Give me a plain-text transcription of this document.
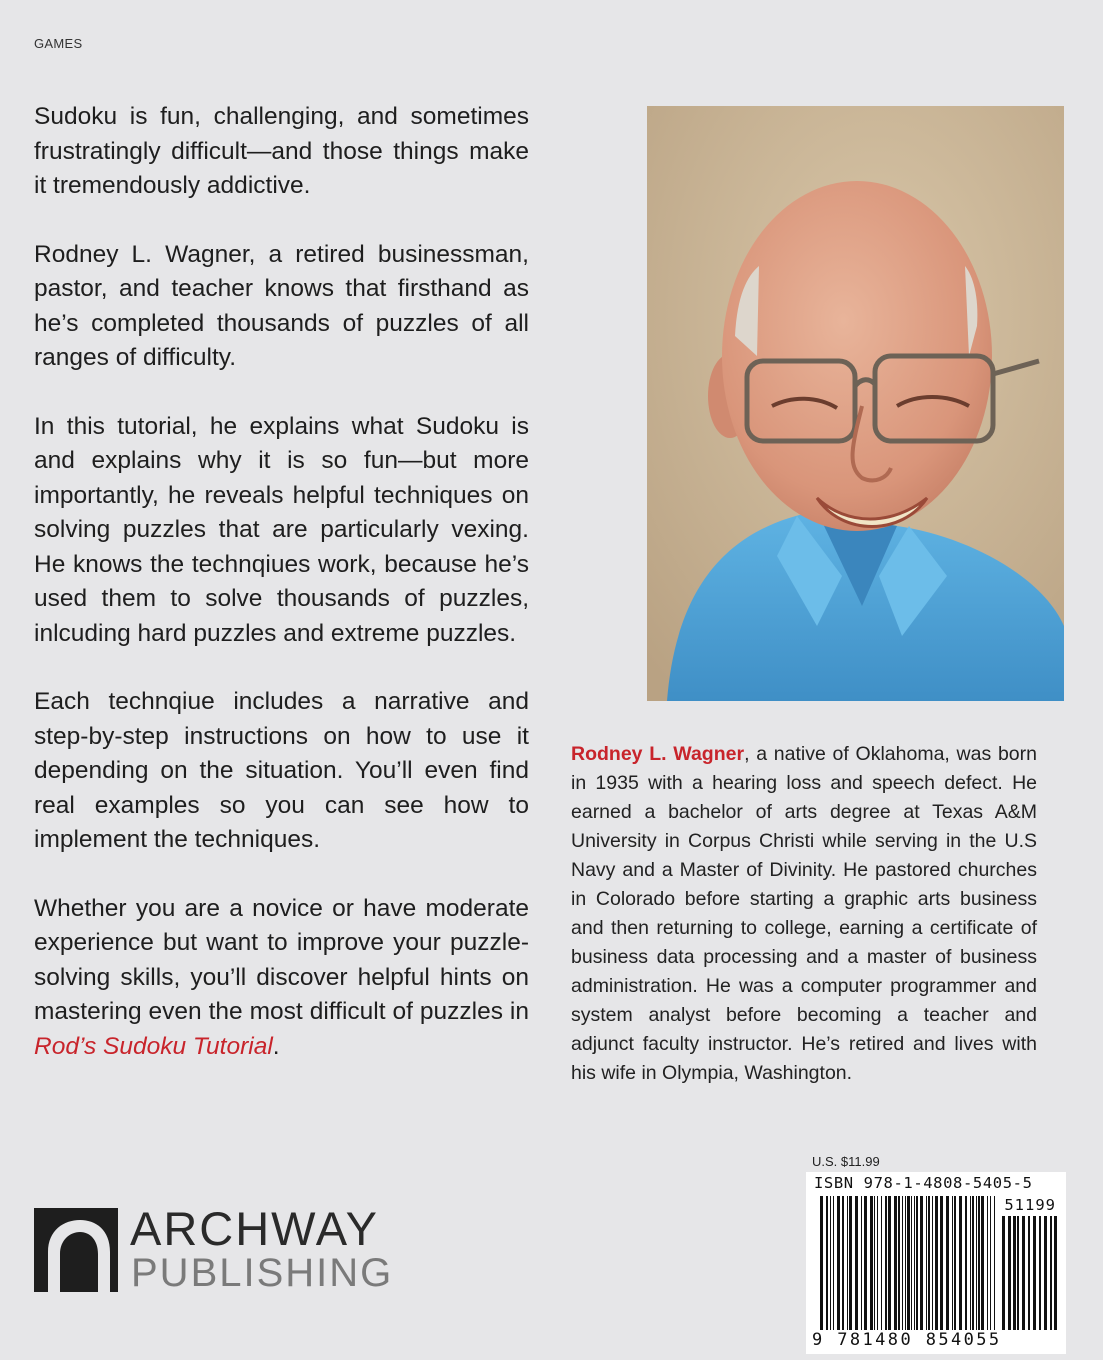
GAMES

Sudoku is fun, challenging, and sometimes frustratingly difficult—and those things make it tremendously addictive.

Rodney L. Wagner, a retired businessman, pastor, and teacher knows that firsthand as he’s completed thousands of puzzles of all ranges of difficulty.

In this tutorial, he explains what Sudoku is and explains why it is so fun—but more importantly, he reveals helpful techniques on solving puzzles that are particularly vexing. He knows the technqiues work, because he’s used them to solve thousands of puzzles, inlcuding hard puzzles and extreme puzzles.

Each technqiue includes a narrative and step-by-step instructions on how to use it depending on the situation. You’ll even find real examples so you can see how to implement the techniques.

Whether you are a novice or have moderate experience but want to improve your puzzle-solving skills, you’ll discover helpful hints on mastering even the most difficult of puzzles in Rod’s Sudoku Tutorial.

Rodney L. Wagner, a native of Oklahoma, was born in 1935 with a hearing loss and speech defect. He earned a bachelor of arts degree at Texas A&M University in Corpus Christi while serving in the U.S Navy and a Master of Divinity. He pastored churches in Colorado before starting a graphic arts business and then returning to college, earning a certificate of business data processing and a master of business administration. He was a computer programmer and system analyst before becoming a teacher and adjunct faculty instructor. He’s retired and lives with his wife in Olympia, Washington.
ARCHWAY
PUBLISHING
U.S. $11.99
ISBN 978-1-4808-5405-5
51199
9 781480 854055
